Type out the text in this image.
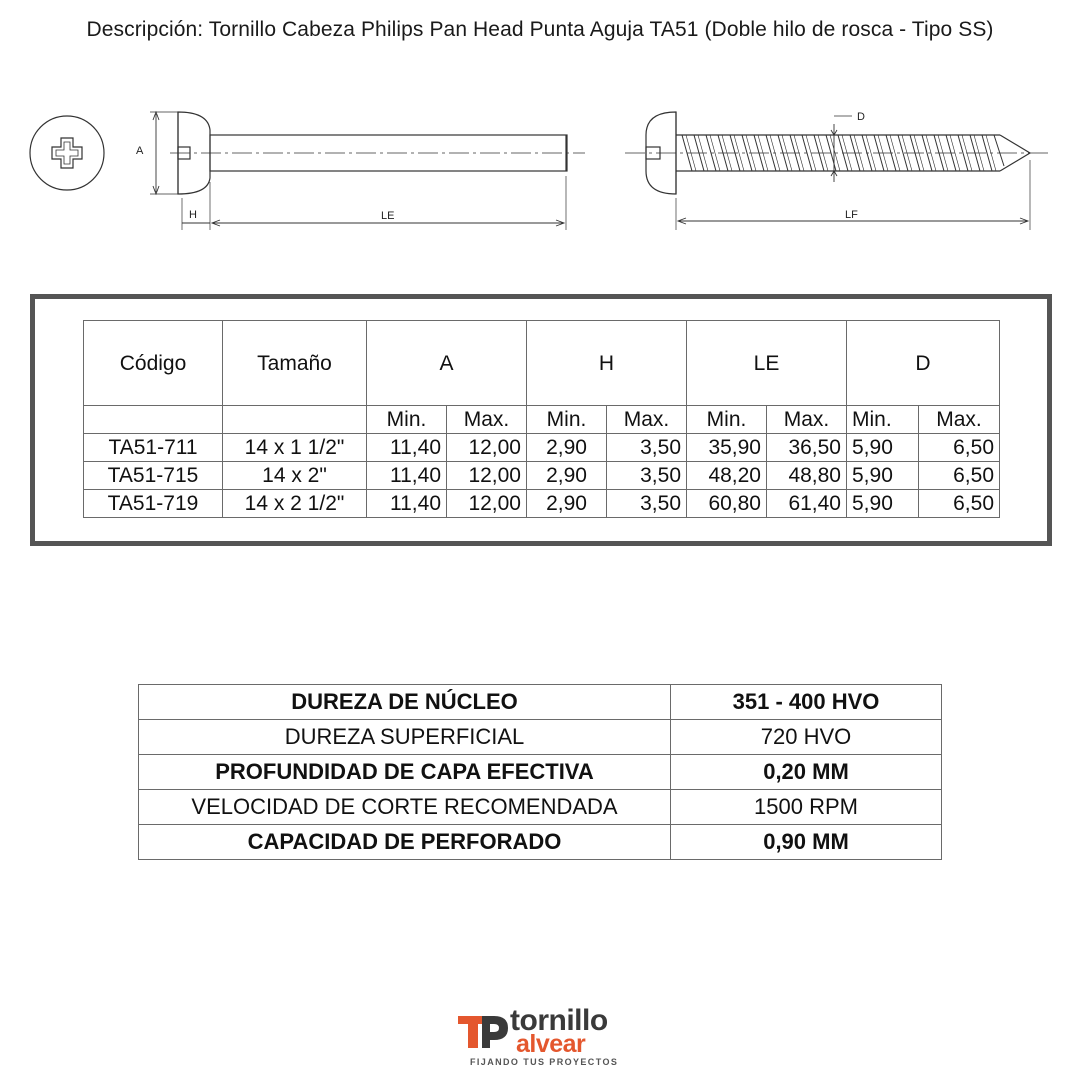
Descripción: Tornillo Cabeza Philips Pan Head Punta Aguja TA51 (Doble hilo de rosca - Tipo SS)
A
H	LE
D
LF
Código	Tamaño	A		H		LE		D	
		Min.	Max.	Min.	Max.	Min.	Max.	Min.	Max.
TA51-711	14 x 1 1/2"	11,40	12,00	2,90	3,50	35,90	36,50	5,90	6,50
TA51-715	14 x 2"	11,40	12,00	2,90	3,50	48,20	48,80	5,90	6,50
TA51-719	14 x 2 1/2"	11,40	12,00	2,90	3,50	60,80	61,40	5,90	6,50
DUREZA DE NÚCLEO	351 - 400 HVO
DUREZA SUPERFICIAL	720 HVO
PROFUNDIDAD DE CAPA EFECTIVA	0,20 MM
VELOCIDAD DE CORTE RECOMENDADA	1500 RPM
CAPACIDAD DE PERFORADO	0,90 MM
tornillo
alvear
FIJANDO TUS PROYECTOS
